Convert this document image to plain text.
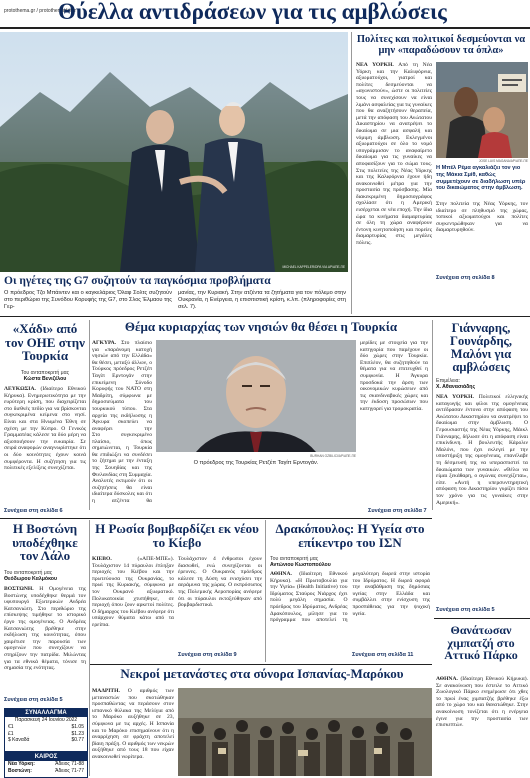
protothema.gr / protothemadotgr
Θύελλα αντιδράσεων για τις αμβλώσεις
MICHAEL KAPPELER/DPA VIA AP/ΑΠΕ-ΠΕ
Οι ηγέτες της G7 συζητούν τα παγκόσμια προβλήματα
Ο πρόεδρος Τζο Μπάιντεν και ο καγκελάριος Όλαφ Σολτς συζητούν στο περιθώριο της Συνόδου Κορυφής της G7, στο Σλος Έλμαου της Γερ-
μανίας, την Κυριακή. Στην ατζέντα τα ζητήματα για τον πόλεμο στην Ουκρανία, η Ενέργεια, η επισιτιστική κρίση, κ.λπ. (πληροφορίες στη σελ. 7).
Πολίτες και πολιτικοί δεσμεύονται να μην «παραδώσουν τα όπλα»
ΝΕΑ ΥΟΡΚΗ. Από τη Νέα Υόρκη και την Καλιφόρνια, αξιωματούχοι, γιατροί και πολίτες δεσμεύονται να «αγωνιστούν», ώστε οι πολιτείες τους να συνεχίσουν να είναι λιμάνι ασφαλείας για τις γυναίκες που θα αναζητήσουν θεραπεία, μετά την απόφαση του Ανώτατου Δικαστηρίου να ανατρέψει το δικαίωμα σε μια ασφαλή και νόμιμη άμβλωση. Εκλεγμένοι αξιωματούχοι σε όλο το νομό υπογράμμισαν το αναφαίρετο δικαίωμα για τις γυναίκες να αποφασίζουν για το σώμα τους. Στις πολιτείες της Νέας Υόρκης και της Καλιφόρνια έχουν ήδη ανακοινωθεί μέτρα για την προστασία της πρόσβασης. Μία διακεκριμένη δημοσιογράφος σχολίασε ότι η Αμερική εισέρχεται σε νέα εποχή. Την ίδια ώρα τα κινήματα διαμαρτυρίας σε όλη τη χώρα αναφέρουν έντονη κινητοποίηση και πορείες διαμαρτυρίας στις μεγάλες πόλεις.
JOSE LUIS MAGANA/AP/ΑΠΕ-ΠΕ
Η Μπέλ Ρέμα αγκαλιάζει τον γιο της Μάκια Σμίθ, καθώς συμμετέχουν σε διαδήλωση υπέρ του δικαιώματος στην άμβλωση.
Στην πολιτεία της Νέας Υόρκης, τον ιδιαίτερο σε πληθυσμό της χώρας, τοπικοί αξιωματούχοι και πολίτες συγκεντρώθηκαν για να διαμαρτυρηθούν.
Συνέχεια στη σελίδα 8
«Χάδι» από τον ΟΗΕ στην Τουρκία
Του ανταποκριτή μας
Κώστα Βενιζέλου
ΛΕΥΚΩΣΙΑ. (Ιδιαίτερο Εθνικού Κήρυκα). Ενημερωτικότητα με την ευρύτερη κρίση, που διαχειρίζεται στο διεθνές πεδίο για να βρίσκονται συγκεκριμένα κείμενα στο νησί. Είναι και στα Ηνωμένα Έθνη σε σχέση με την Κύπρο. Ο Γενικός Γραμματέας κάλεσε τα δύο μέρη να αξιοποιήσουν την ευκαιρία. Σε σειρά αναφορών αναγνωρίστηκε ότι οι δύο κοινότητες έχουν κοινά συμφέροντα. Η συζήτηση για τις πολιτικές εξελίξεις συνεχίζεται.
Συνέχεια στη σελίδα 6
Θέμα κυριαρχίας των νησιών θα θέσει η Τουρκία
ΑΓΚΥΡΑ. Στο πλαίσιο για «παράνομη κατοχή νησιών από την Ελλάδα» θα θέσει, μεταξύ άλλων, ο Τούρκος πρόεδρος Ρετζέπ Ταγίπ Ερντογάν στην επικείμενη Σύνοδο Κορυφής του ΝΑΤΟ στη Μαδρίτη, σύμφωνα με δημοσιεύματα του τουρκικού τύπου. Στα αρχεία της εκδήλωσης η Άγκυρα σκοπεύει να αναφέρει την
Στο συγκεκριμένο πλαίσιο, όπως σημειώνεται, η Τουρκία θα επιδιώξει να συνδέσει το ζήτημα με την ένταξη της Σουηδίας και της Φινλανδίας στη Συμμαχία. Αναλυτές εκτιμούν ότι οι συζητήσεις θα είναι ιδιαίτερα δύσκολες και ότι η ατζέντα θα
BURHAN OZBILICI/AP/ΑΠΕ-ΠΕ
Ο πρόεδρος της Τουρκίας Ρετζέπ Ταγίπ Ερντογάν.
μερίδες με στοιχεία για την κατηγορία που παρέχουν οι δύο χώρες στην Τουρκία. Επιπλέον, θα συζητηθούν τα θέματα για να επιτευχθεί η συμφωνία. Η Άγκυρα προσδοκά την άρση των οικονομικών κυρώσεων από τις σκανδιναβικές χώρες και την έκδοση προσώπων που κατηγορεί για τρομοκρατία.
Συνέχεια στη σελίδα 7
Γιάνναρης, Γουνάρδης, Μαλόνι για αμβλώσεις
Επιμέλεια:
Χ. Αθανασιάδης
ΝΕΑ ΥΟΡΚΗ. Πολιτικοί ελληνικής καταγωγής και φίλοι της ομογένειας αντέδρασαν έντονα στην απόφαση του Ανώτατου Δικαστηρίου να ανατρέψει το δικαίωμα στην άμβλωση. Ο Γερουσιαστής της Νέας Υόρκης, Μάικλ Γιάνναρης, δήλωσε ότι η απόφαση είναι επικίνδυνη. Η βουλευτής Κάρολιν Μαλόνι, που έχει εκλεγεί με την υποστήριξη της ομογένειας, επανέλαβε τη δέσμευσή της να υπερασπιστεί τα δικαιώματα των γυναικών. «Θέλω να είμαι ξεκάθαρη, ο αγώνας συνεχίζεται», είπε. «Αυτή η υπερσυντηρητική απόφαση του Δικαστηρίου γυρίζει πίσω τον χρόνο για τις γυναίκες στην Αμερική».
Συνέχεια στη σελίδα 5
Η Βοστώνη υποδέχθηκε τον Λάλο
Του ανταποκριτή μας
Θεόδωρου Καλμόκου
ΒΟΣΤΩΝΗ. Η Ομογένεια της Βοστώνης υποδέχθηκε θερμά τον υφυπουργό Εξωτερικών Ανδρέα Κατσανιώτη. Στο περιθώριο της επίσκεψης τιμήθηκε το ιστορικό έργο της ομογένειας. Ο Ανδρέας Κατσανιώτης βρέθηκε στην εκδήλωση της κοινότητας, όπου χαιρέτισε την παρουσία των ομογενών που συνεχίζουν να στηρίζουν την πατρίδα. Μιλώντας για τα εθνικά θέματα, τόνισε τη σημασία της ενότητας.
Συνέχεια στη σελίδα 5
ΣΥΝΑΛΛΑΓΜΑ
Παρασκευή 24 Ιουνίου 2022
€1	$1.05
£1	$1.23
$ Καναδά	$0.77
ΚΑΙΡΟΣ
Νέα Υόρκη:	Άδειος 71-88
Βοστώνη:	Άδειος 71-77
Η Ρωσία βομβαρδίζει εκ νέου το Κίεβο
ΚΙΕΒΟ.	(«ΑΠΕ-ΜΠΕ»). Τουλάχιστον 14 πύραυλοι έπληξαν περιοχές του Κιέβου και την πρωτεύουσα της Ουκρανίας, το πρωί της Κυριακής, σύμφωνα με τον Ουκρανό αξιωματικό. Πολυκατοικία χτυπήθηκε, σε περιοχή όπου ζουν αρκετοί πολίτες. Ο δήμαρχος του Κιέβου ανέφερε ότι υπάρχουν θύματα κάτω από τα ερείπια.
Τουλάχιστον 4 ένθρωποι έχουν διασωθεί, ενώ συνεχίζονται οι έρευνες. Ο Ουκρανός πρόεδρος κάλεσε τη Δύση να ενισχύσει την αεράμυνα της χώρας. Ο εκπρόσωπος της Πολεμικής Αεροπορίας ανέφερε ότι οι πύραυλοι εκτοξεύθηκαν από βομβαρδιστικά.
Συνέχεια στη σελίδα 9
Δρακόπουλος: Η Υγεία στο επίκεντρο του ΙΣΝ
Του ανταποκριτή μας
Αντώνιου Κωστοπούλου
ΑΘΗΝΑ. (Ιδιαίτερη Εθνικού Κήρυκα). «Η Πρωτοβουλία για την Υγεία» (Health Initiative) του Ιδρύματος Σταύρος Νιάρχος έχει πολύ μεγάλη σημασία. Ο πρόεδρος του Ιδρύματος, Ανδρέας Δρακόπουλος, μίλησε για το πρόγραμμα που αποτελεί τη μεγαλύτερη δωρεά στην ιστορία του Ιδρύματος. Η δωρεά αφορά την αναβάθμιση της δημόσιας υγείας στην Ελλάδα και συμβάλλει στην ενίσχυση της προσπάθειας για την ψυχική υγεία.
Συνέχεια στη σελίδα 11
Νεκροί μετανάστες στα σύνορα Ισπανίας-Μαρόκου
ΜΑΔΡΙΤΗ. Ο αριθμός των μεταναστών που σκοτώθηκαν προσπαθώντας να περάσουν στον ισπανικό θύλακα της Μελίγια από το Μαρόκο αυξήθηκε σε 23, σύμφωνα με τις αρχές. Η Ισπανία και το Μαρόκο επισημαίνουν ότι η αναρρίχηση σε φράχτη αποτελεί βίαιη πράξη. Ο αριθμός των νεκρών αυξήθηκε από τους 18 που είχαν ανακοινωθεί νωρίτερα.
Θανάτωσαν χιμπατζή στο Αττικό Πάρκο
ΑΘΗΝΑ. (Ιδιαίτερη Εθνικού Κήρυκα). Σε ανακοίνωση που έστειλε το Αττικό Ζωολογικό Πάρκο ενημέρωσε ότι χθες το πρωί ένας χιμπατζής βρέθηκε έξω από το χώρο του και θανατώθηκε. Στην ανακοίνωση τονίζεται ότι η ενέργεια έγινε για την προστασία των επισκεπτών.
